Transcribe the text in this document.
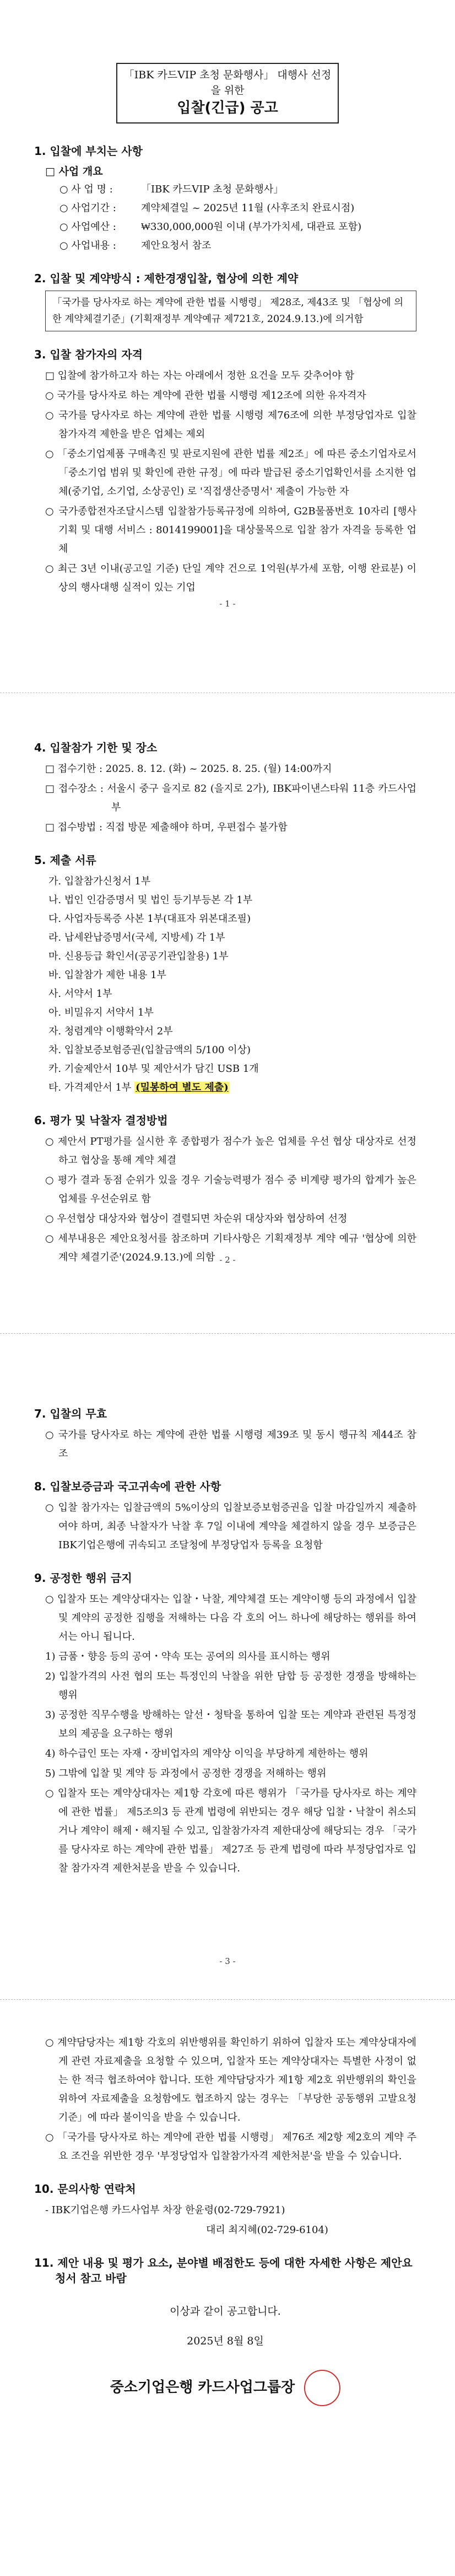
「IBK 카드VIP 초청 문화행사」 대행사 선정을 위한
입찰(긴급) 공고
1. 입찰에 부치는 사항
□ 사업 개요
○ 사 업 명 :	「IBK 카드VIP 초청 문화행사」
○ 사업기간 :	계약체결일 ~ 2025년 11월 (사후조치 완료시점)
○ 사업예산 :	₩330,000,000원 이내 (부가가치세, 대관료 포함)
○ 사업내용 :	제안요청서 참조
2. 입찰 및 계약방식 : 제한경쟁입찰, 협상에 의한 계약
「국가를 당사자로 하는 계약에 관한 법률 시행령」 제28조, 제43조 및 「협상에 의한 계약체결기준」(기획재정부 계약예규 제721호, 2024.9.13.)에 의거함
3. 입찰 참가자의 자격
□ 입찰에 참가하고자 하는 자는 아래에서 정한 요건을 모두 갖추어야 함
○ 국가를 당사자로 하는 계약에 관한 법률 시행령 제12조에 의한 유자격자
○ 국가를 당사자로 하는 계약에 관한 법률 시행령 제76조에 의한 부정당업자로 입찰참가자격 제한을 받은 업체는 제외
○ 「중소기업제품 구매촉진 및 판로지원에 관한 법률 제2조」에 따른 중소기업자로서 「중소기업 범위 및 확인에 관한 규정」에 따라 발급된 중소기업확인서를 소지한 업체(중기업, 소기업, 소상공인) 로 '직접생산증명서' 제출이 가능한 자
○ 국가종합전자조달시스템 입찰참가등록규정에 의하여, G2B물품번호 10자리 [행사 기획 및 대행 서비스 : 8014199001]을 대상물목으로 입찰 참가 자격을 등록한 업체
○ 최근 3년 이내(공고일 기준) 단일 계약 건으로 1억원(부가세 포함, 이행 완료분) 이상의 행사대행 실적이 있는 기업
- 1 -
4. 입찰참가 기한 및 장소
□ 접수기한 : 2025. 8. 12. (화) ~ 2025. 8. 25. (월) 14:00까지
□ 접수장소 : 서울시 중구 을지로 82 (을지로 2가), IBK파이낸스타워 11층 카드사업부
□ 접수방법 : 직접 방문 제출해야 하며, 우편접수 불가함
5. 제출 서류
가. 입찰참가신청서 1부
나. 법인 인감증명서 및 법인 등기부등본 각 1부
다. 사업자등록증 사본 1부(대표자 위본대조필)
라. 납세완납증명서(국세, 지방세) 각 1부
마. 신용등급 확인서(공공기관입찰용) 1부
바. 입찰참가 제한 내용 1부
사. 서약서 1부
아. 비밀유지 서약서 1부
자. 청렴계약 이행확약서 2부
차. 입찰보증보험증권(입찰금액의 5/100 이상)
카. 기술제안서 10부 및 제안서가 담긴 USB 1개
타. 가격제안서 1부 (밀봉하여 별도 제출)
6. 평가 및 낙찰자 결정방법
○ 제안서 PT평가를 실시한 후 종합평가 점수가 높은 업체를 우선 협상 대상자로 선정하고 협상을 통해 계약 체결
○ 평가 결과 동점 순위가 있을 경우 기술능력평가 점수 중 비계량 평가의 합계가 높은 업체를 우선순위로 함
○ 우선협상 대상자와 협상이 결렬되면 차순위 대상자와 협상하여 선정
○ 세부내용은 제안요청서를 참조하며 기타사항은 기획재정부 계약 예규 '협상에 의한 계약 체결기준'(2024.9.13.)에 의함 - 2 -
7. 입찰의 무효
○ 국가를 당사자로 하는 계약에 관한 법률 시행령 제39조 및 동시 행규칙 제44조 참조
8. 입찰보증금과 국고귀속에 관한 사항
○ 입찰 참가자는 입찰금액의 5%이상의 입찰보증보험증권을 입찰 마감일까지 제출하여야 하며, 최종 낙찰자가 낙찰 후 7일 이내에 계약을 체결하지 않을 경우 보증금은 IBK기업은행에 귀속되고 조달청에 부정당업자 등록을 요청함
9. 공정한 행위 금지
○ 입찰자 또는 계약상대자는 입찰・낙찰, 계약체결 또는 계약이행 등의 과정에서 입찰 및 계약의 공정한 집행을 저해하는 다음 각 호의 어느 하나에 해당하는 행위를 하여서는 아니 됩니다.
1) 금품・향응 등의 공여・약속 또는 공여의 의사를 표시하는 행위
2) 입찰가격의 사전 협의 또는 특정인의 낙찰을 위한 담합 등 공정한 경쟁을 방해하는 행위
3) 공정한 직무수행을 방해하는 알선・청탁을 통하여 입찰 또는 계약과 관련된 특정정보의 제공을 요구하는 행위
4) 하수급인 또는 자재・장비업자의 계약상 이익을 부당하게 제한하는 행위
5) 그밖에 입찰 및 계약 등 과정에서 공정한 경쟁을 저해하는 행위
○ 입찰자 또는 계약상대자는 제1항 각호에 따른 행위가 「국가를 당사자로 하는 계약에 관한 법률」 제5조의3 등 관계 법령에 위반되는 경우 해당 입찰・낙찰이 취소되거나 계약이 해제・해지될 수 있고, 입찰참가자격 제한대상에 해당되는 경우 「국가를 당사자로 하는 계약에 관한 법률」 제27조 등 관계 법령에 따라 부정당업자로 입찰 참가자격 제한처분을 받을 수 있습니다.
- 3 -
○ 계약담당자는 제1항 각호의 위반행위를 확인하기 위하여 입찰자 또는 계약상대자에게 관련 자료제출을 요청할 수 있으며, 입찰자 또는 계약상대자는 특별한 사정이 없는 한 적극 협조하여야 합니다. 또한 계약담당자가 제1항 제2호 위반행위의 확인을 위하여 자료제출을 요청함에도 협조하지 않는 경우는 「부당한 공동행위 고발요청기준」에 따라 불이익을 받을 수 있습니다.
○ 「국가를 당사자로 하는 계약에 관한 법률 시행령」 제76조 제2항 제2호의 계약 주요 조건을 위반한 경우 '부정당업자 입찰참가자격 제한처분'을 받을 수 있습니다.
10. 문의사항 연락처
- IBK기업은행 카드사업부 차장 한윤령(02-729-7921)
대리 최지혜(02-729-6104)
11. 제안 내용 및 평가 요소, 분야별 배점한도 등에 대한 자세한 사항은 제안요청서 참고 바람
이상과 같이 공고합니다.
2025년 8월 8일
중소기업은행 카드사업그룹장
